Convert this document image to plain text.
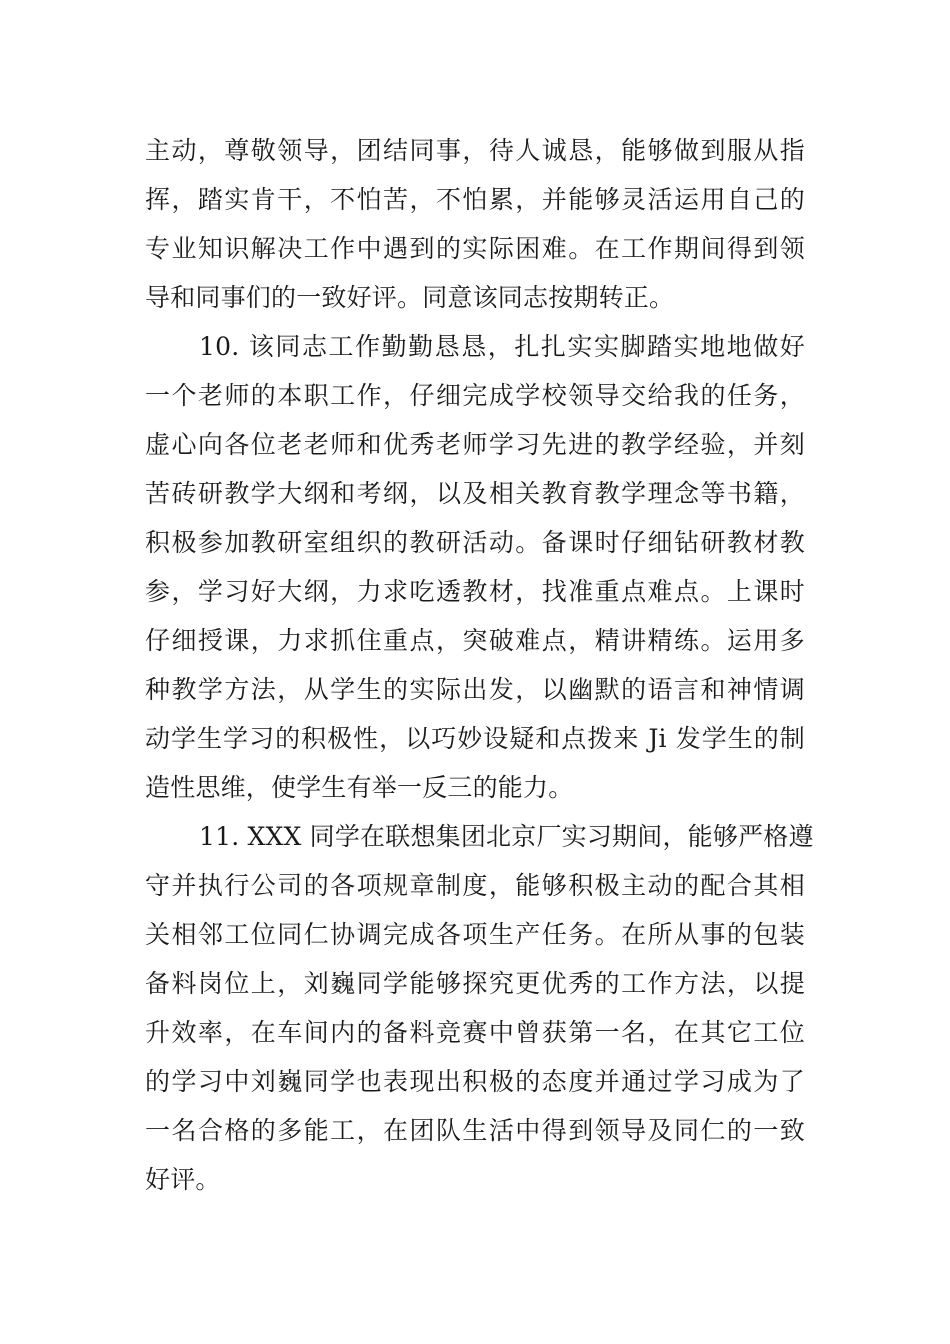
主动，尊敬领导，团结同事，待人诚恳，能够做到服从指
挥，踏实肯干，不怕苦，不怕累，并能够灵活运用自己的
专业知识解决工作中遇到的实际困难。在工作期间得到领
导和同事们的一致好评。同意该同志按期转正。
10. 该同志工作勤勤恳恳，扎扎实实脚踏实地地做好
一个老师的本职工作，仔细完成学校领导交给我的任务，
虚心向各位老老师和优秀老师学习先进的教学经验，并刻
苦砖研教学大纲和考纲，以及相关教育教学理念等书籍，
积极参加教研室组织的教研活动。备课时仔细钻研教材教
参，学习好大纲，力求吃透教材，找准重点难点。上课时
仔细授课，力求抓住重点，突破难点，精讲精练。运用多
种教学方法，从学生的实际出发，以幽默的语言和神情调
动学生学习的积极性，以巧妙设疑和点拨来 Ji 发学生的制
造性思维，使学生有举一反三的能力。
11. XXX 同学在联想集团北京厂实习期间，能够严格遵
守并执行公司的各项规章制度，能够积极主动的配合其相
关相邻工位同仁协调完成各项生产任务。在所从事的包装
备料岗位上，刘巍同学能够探究更优秀的工作方法，以提
升效率，在车间内的备料竞赛中曾获第一名，在其它工位
的学习中刘巍同学也表现出积极的态度并通过学习成为了
一名合格的多能工，在团队生活中得到领导及同仁的一致
好评。
